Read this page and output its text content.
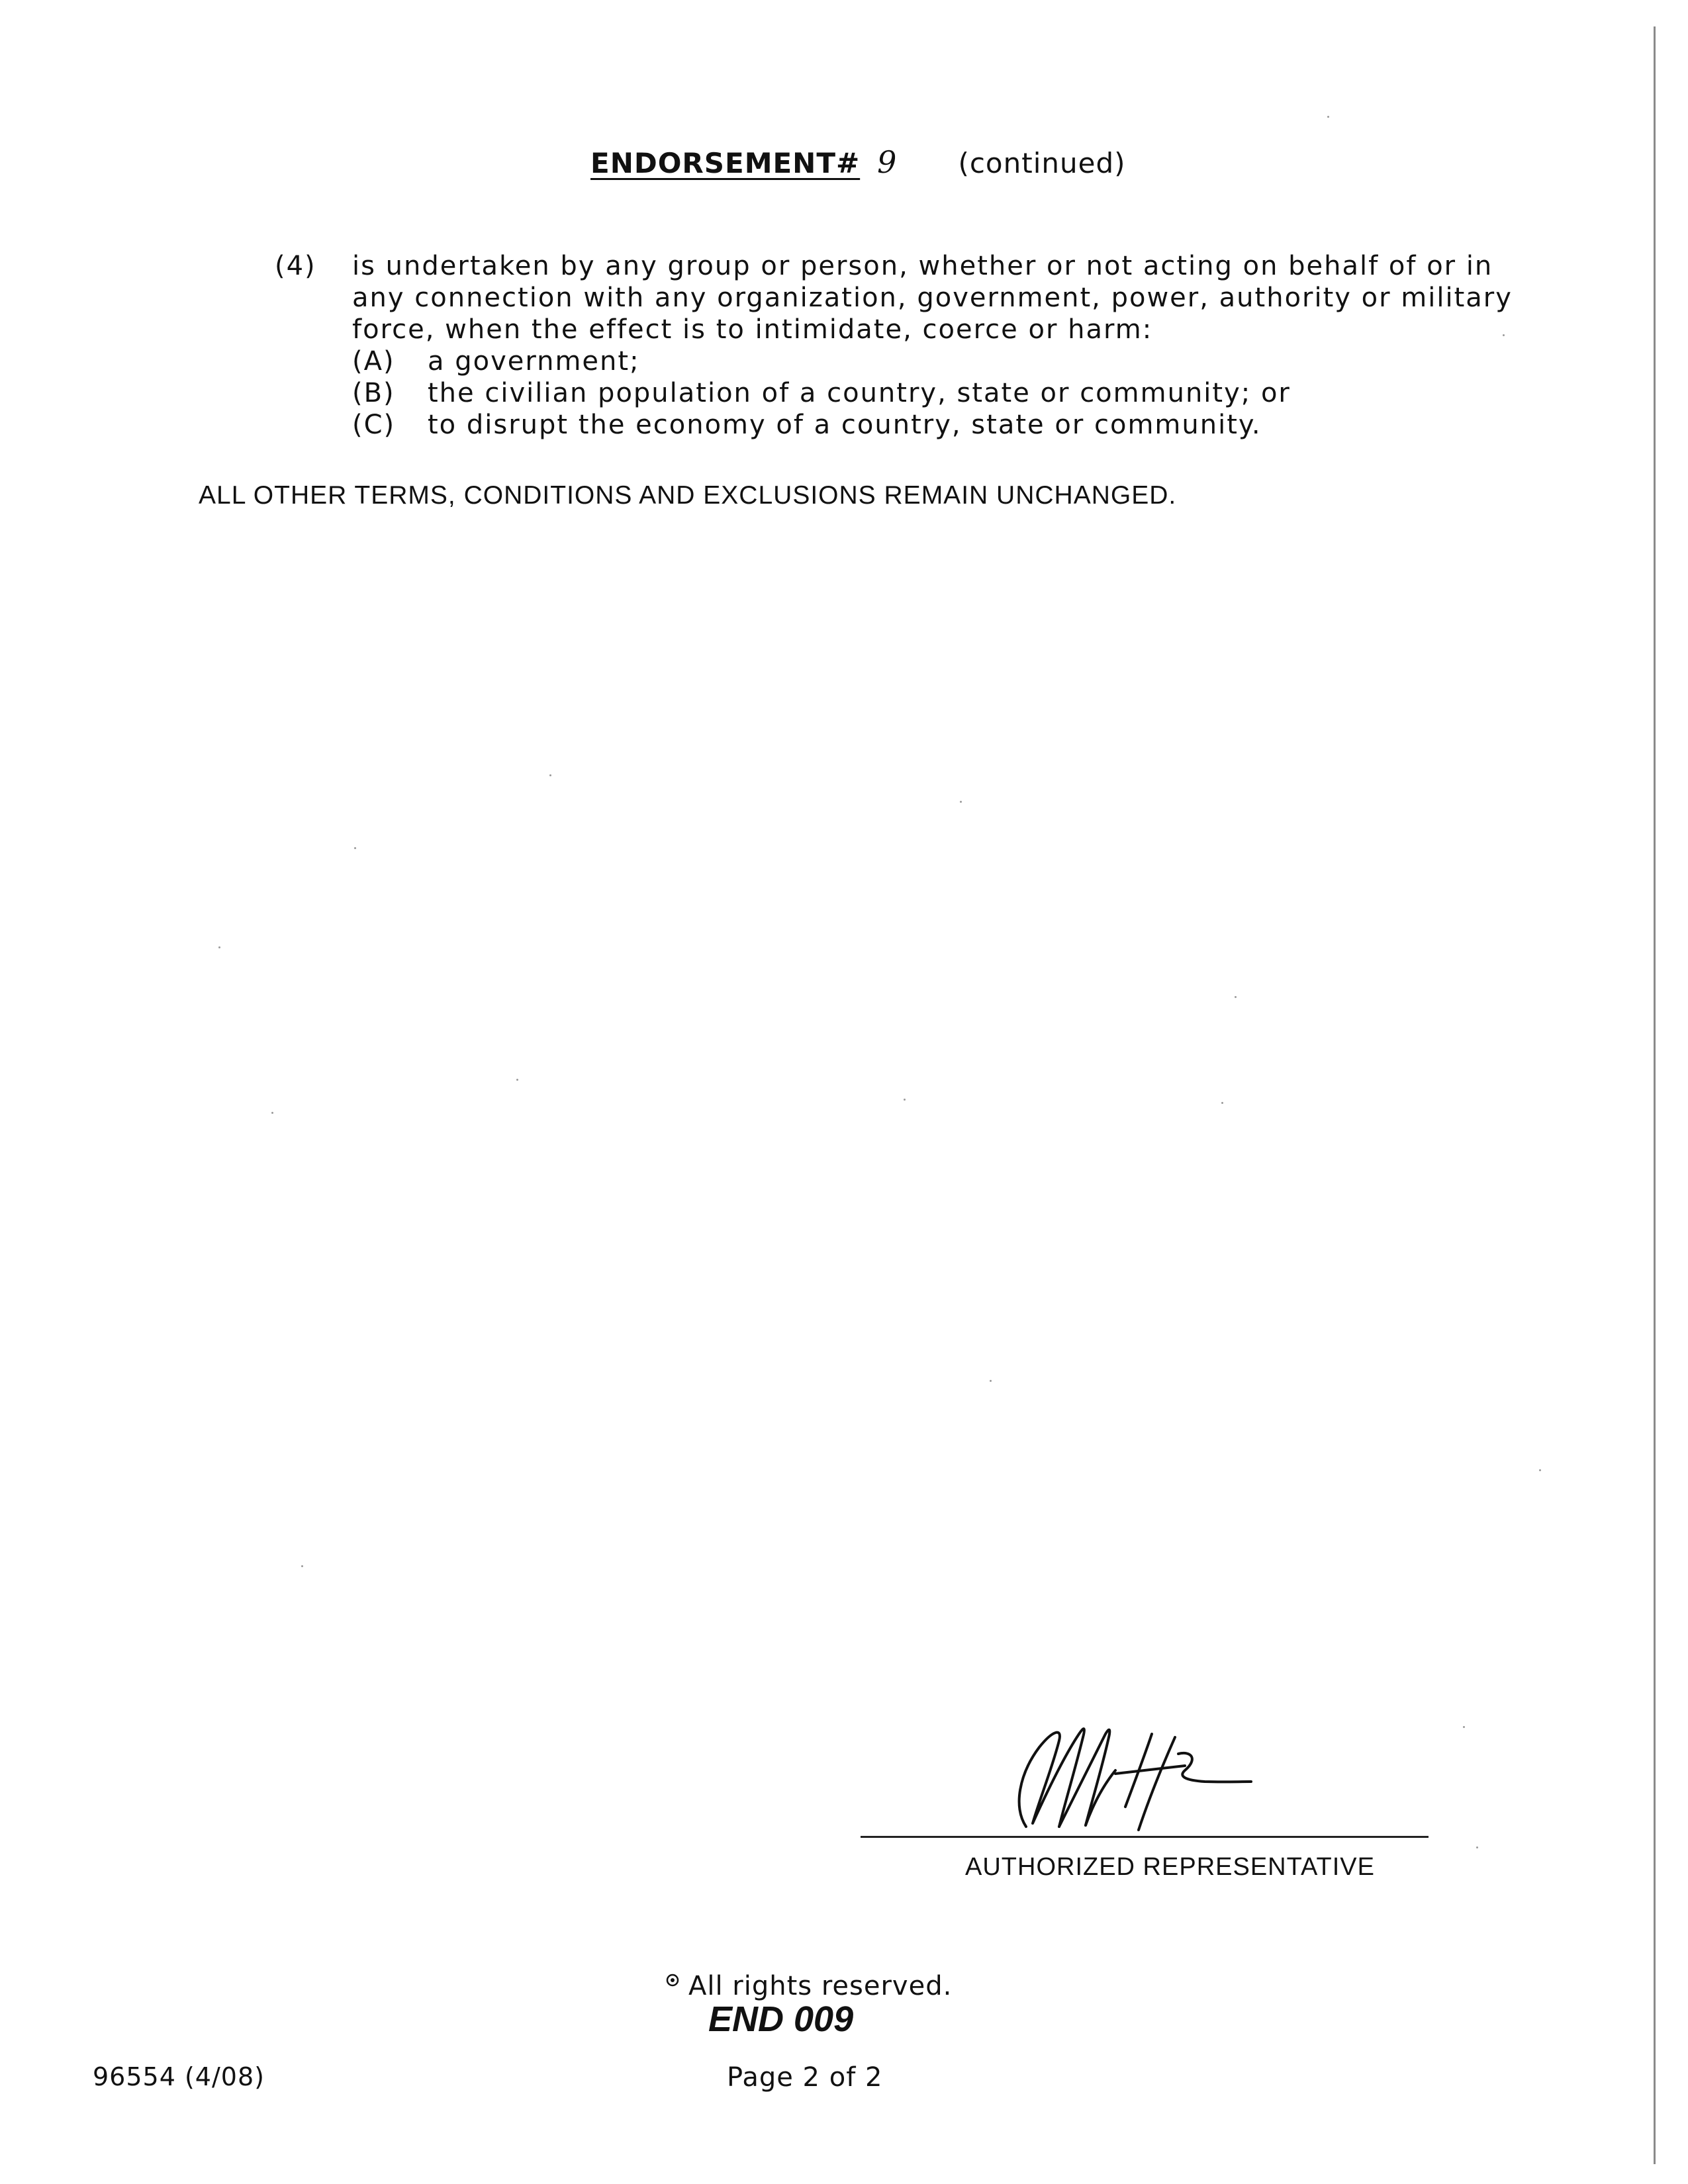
ENDORSEMENT# 9 (continued)
(4) is undertaken by any group or person, whether or not acting on behalf of or in
any connection with any organization, government, power, authority or military
force, when the effect is to intimidate, coerce or harm:
(A) a government;
(B) the civilian population of a country, state or community; or
(C) to disrupt the economy of a country, state or community.
ALL OTHER TERMS, CONDITIONS AND EXCLUSIONS REMAIN UNCHANGED.
AUTHORIZED REPRESENTATIVE
All rights reserved.
END 009
96554 (4/08)	Page 2 of 2
